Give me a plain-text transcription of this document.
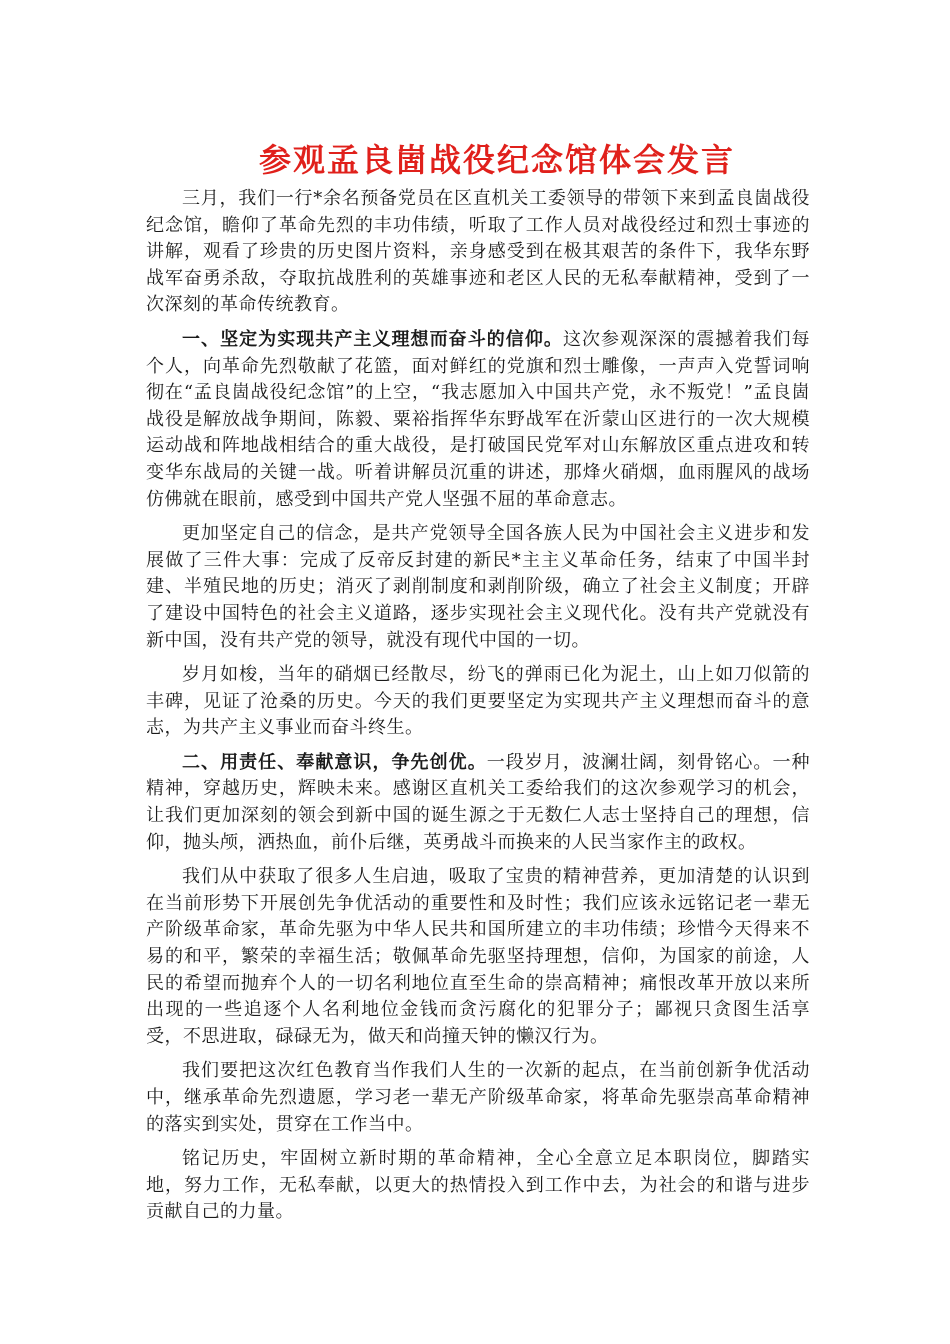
参观孟良崮战役纪念馆体会发言

三月，我们一行*余名预备党员在区直机关工委领导的带领下来到孟良崮战役纪念馆，瞻仰了革命先烈的丰功伟绩，听取了工作人员对战役经过和烈士事迹的讲解，观看了珍贵的历史图片资料，亲身感受到在极其艰苦的条件下，我华东野战军奋勇杀敌，夺取抗战胜利的英雄事迹和老区人民的无私奉献精神，受到了一次深刻的革命传统教育。

一、坚定为实现共产主义理想而奋斗的信仰。这次参观深深的震撼着我们每个人，向革命先烈敬献了花篮，面对鲜红的党旗和烈士雕像，一声声入党誓词响彻在“孟良崮战役纪念馆”的上空，“我志愿加入中国共产党，永不叛党！”孟良崮战役是解放战争期间，陈毅、粟裕指挥华东野战军在沂蒙山区进行的一次大规模运动战和阵地战相结合的重大战役，是打破国民党军对山东解放区重点进攻和转变华东战局的关键一战。听着讲解员沉重的讲述，那烽火硝烟，血雨腥风的战场仿佛就在眼前，感受到中国共产党人坚强不屈的革命意志。

更加坚定自己的信念，是共产党领导全国各族人民为中国社会主义进步和发展做了三件大事：完成了反帝反封建的新民*主主义革命任务，结束了中国半封建、半殖民地的历史；消灭了剥削制度和剥削阶级，确立了社会主义制度；开辟了建设中国特色的社会主义道路，逐步实现社会主义现代化。没有共产党就没有新中国，没有共产党的领导，就没有现代中国的一切。

岁月如梭，当年的硝烟已经散尽，纷飞的弹雨已化为泥土，山上如刀似箭的丰碑，见证了沧桑的历史。今天的我们更要坚定为实现共产主义理想而奋斗的意志，为共产主义事业而奋斗终生。

二、用责任、奉献意识，争先创优。一段岁月，波澜壮阔，刻骨铭心。一种精神，穿越历史，辉映未来。感谢区直机关工委给我们的这次参观学习的机会，让我们更加深刻的领会到新中国的诞生源之于无数仁人志士坚持自己的理想，信仰，抛头颅，洒热血，前仆后继，英勇战斗而换来的人民当家作主的政权。

我们从中获取了很多人生启迪，吸取了宝贵的精神营养，更加清楚的认识到在当前形势下开展创先争优活动的重要性和及时性；我们应该永远铭记老一辈无产阶级革命家，革命先驱为中华人民共和国所建立的丰功伟绩；珍惜今天得来不易的和平，繁荣的幸福生活；敬佩革命先驱坚持理想，信仰，为国家的前途，人民的希望而抛弃个人的一切名利地位直至生命的崇高精神；痛恨改革开放以来所出现的一些追逐个人名利地位金钱而贪污腐化的犯罪分子；鄙视只贪图生活享受，不思进取，碌碌无为，做天和尚撞天钟的懒汉行为。

我们要把这次红色教育当作我们人生的一次新的起点，在当前创新争优活动中，继承革命先烈遗愿，学习老一辈无产阶级革命家，将革命先驱崇高革命精神的落实到实处，贯穿在工作当中。

铭记历史，牢固树立新时期的革命精神，全心全意立足本职岗位，脚踏实地，努力工作，无私奉献，以更大的热情投入到工作中去，为社会的和谐与进步贡献自己的力量。
